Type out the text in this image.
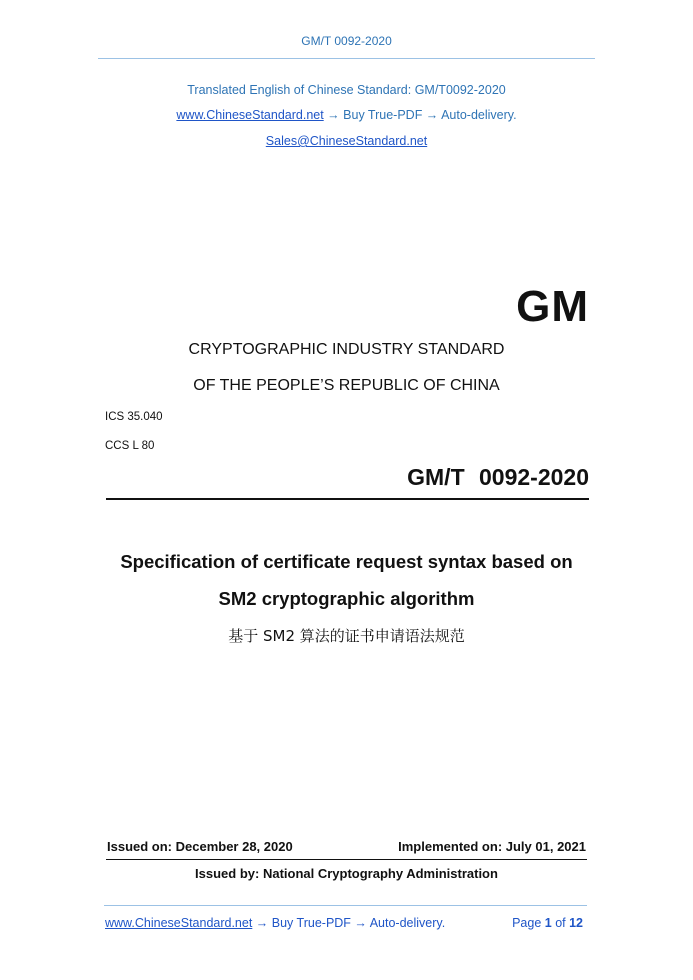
GM/T 0092-2020
Translated English of Chinese Standard: GM/T0092-2020
www.ChineseStandard.net → Buy True-PDF → Auto-delivery.
Sales@ChineseStandard.net
GM
CRYPTOGRAPHIC INDUSTRY STANDARD
OF THE PEOPLE’S REPUBLIC OF CHINA
ICS 35.040
CCS L 80
GM/T 0092-2020
Specification of certificate request syntax based on
SM2 cryptographic algorithm
基于 SM2 算法的证书申请语法规范
Issued on: December 28, 2020	Implemented on: July 01, 2021
Issued by: National Cryptography Administration
www.ChineseStandard.net → Buy True-PDF → Auto-delivery.	Page 1 of 12
